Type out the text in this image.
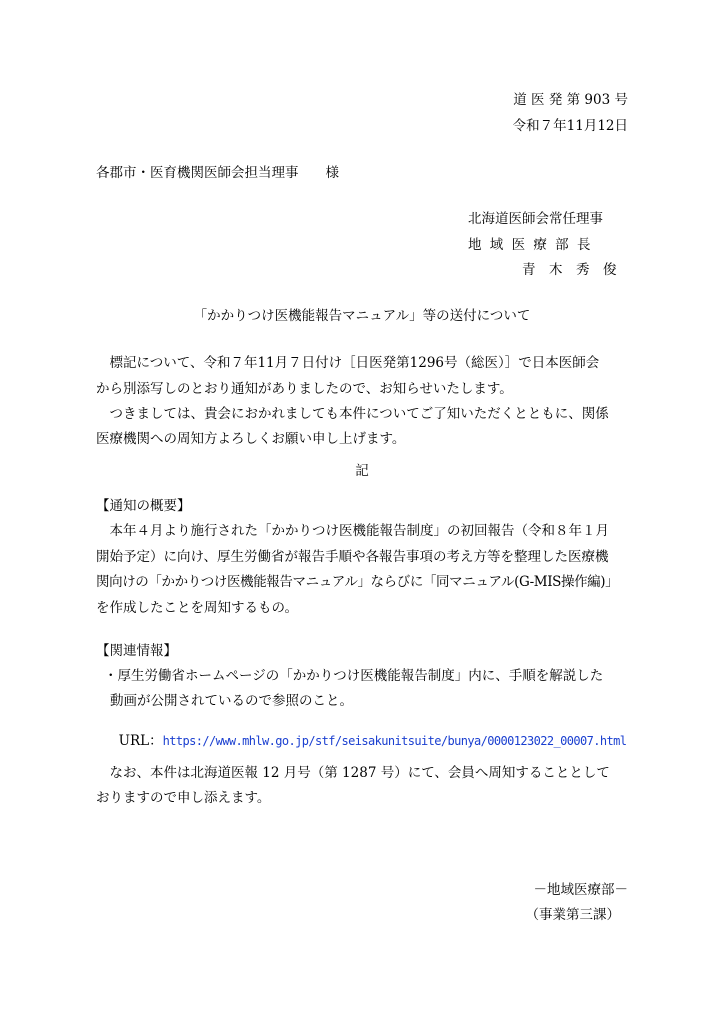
道 医 発 第 903 号
令和７年11月12日
各郡市・医育機関医師会担当理事　　様
北海道医師会常任理事
地 域 医 療 部 長
青　木　秀　俊
「かかりつけ医機能報告マニュアル」等の送付について
　標記について、令和７年11月７日付け［日医発第1296号（総医）］で日本医師会
から別添写しのとおり通知がありましたので、お知らせいたします。
　つきましては、貴会におかれましても本件についてご了知いただくとともに、関係
医療機関への周知方よろしくお願い申し上げます。
記
【通知の概要】
　本年４月より施行された「かかりつけ医機能報告制度」の初回報告（令和８年１月
開始予定）に向け、厚生労働省が報告手順や各報告事項の考え方等を整理した医療機
関向けの「かかりつけ医機能報告マニュアル」ならびに「同マニュアル(G-MIS操作編)」
を作成したことを周知するもの。
【関連情報】
・厚生労働省ホームページの「かかりつけ医機能報告制度」内に、手順を解説した
動画が公開されているので参照のこと。

URL：https://www.mhlw.go.jp/stf/seisakunitsuite/bunya/0000123022_00007.html

　なお、本件は北海道医報 12 月号（第 1287 号）にて、会員へ周知することとして
おりますので申し添えます。
－地域医療部－
（事業第三課）
